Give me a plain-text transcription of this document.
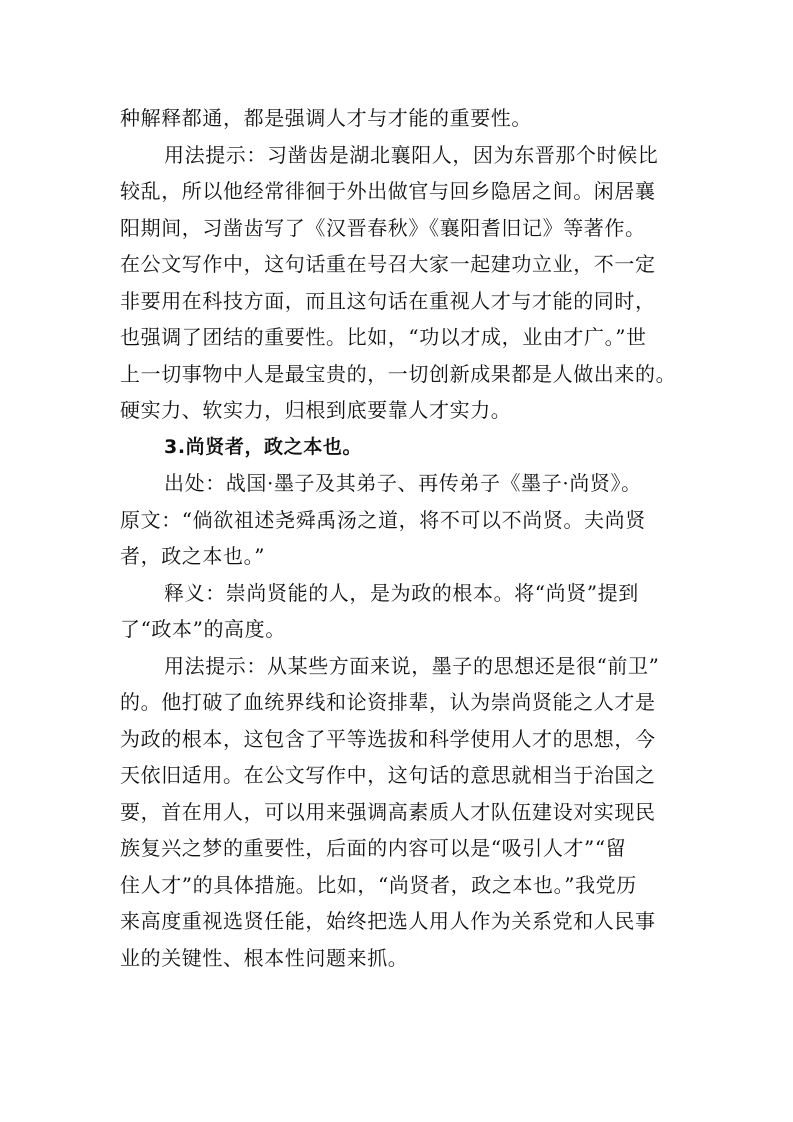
种解释都通，都是强调人才与才能的重要性。
用法提示：习凿齿是湖北襄阳人，因为东晋那个时候比
较乱，所以他经常徘徊于外出做官与回乡隐居之间。闲居襄
阳期间，习凿齿写了《汉晋春秋》《襄阳耆旧记》等著作。
在公文写作中，这句话重在号召大家一起建功立业，不一定
非要用在科技方面，而且这句话在重视人才与才能的同时，
也强调了团结的重要性。比如，“功以才成，业由才广。”世
上一切事物中人是最宝贵的，一切创新成果都是人做出来的。
硬实力、软实力，归根到底要靠人才实力。
3.尚贤者，政之本也。
出处：战国·墨子及其弟子、再传弟子《墨子·尚贤》。
原文：“倘欲祖述尧舜禹汤之道，将不可以不尚贤。夫尚贤
者，政之本也。”
释义：崇尚贤能的人，是为政的根本。将“尚贤”提到
了“政本”的高度。
用法提示：从某些方面来说，墨子的思想还是很“前卫”
的。他打破了血统界线和论资排辈，认为崇尚贤能之人才是
为政的根本，这包含了平等选拔和科学使用人才的思想，今
天依旧适用。在公文写作中，这句话的意思就相当于治国之
要，首在用人，可以用来强调高素质人才队伍建设对实现民
族复兴之梦的重要性，后面的内容可以是“吸引人才”“留
住人才”的具体措施。比如，“尚贤者，政之本也。”我党历
来高度重视选贤任能，始终把选人用人作为关系党和人民事
业的关键性、根本性问题来抓。
